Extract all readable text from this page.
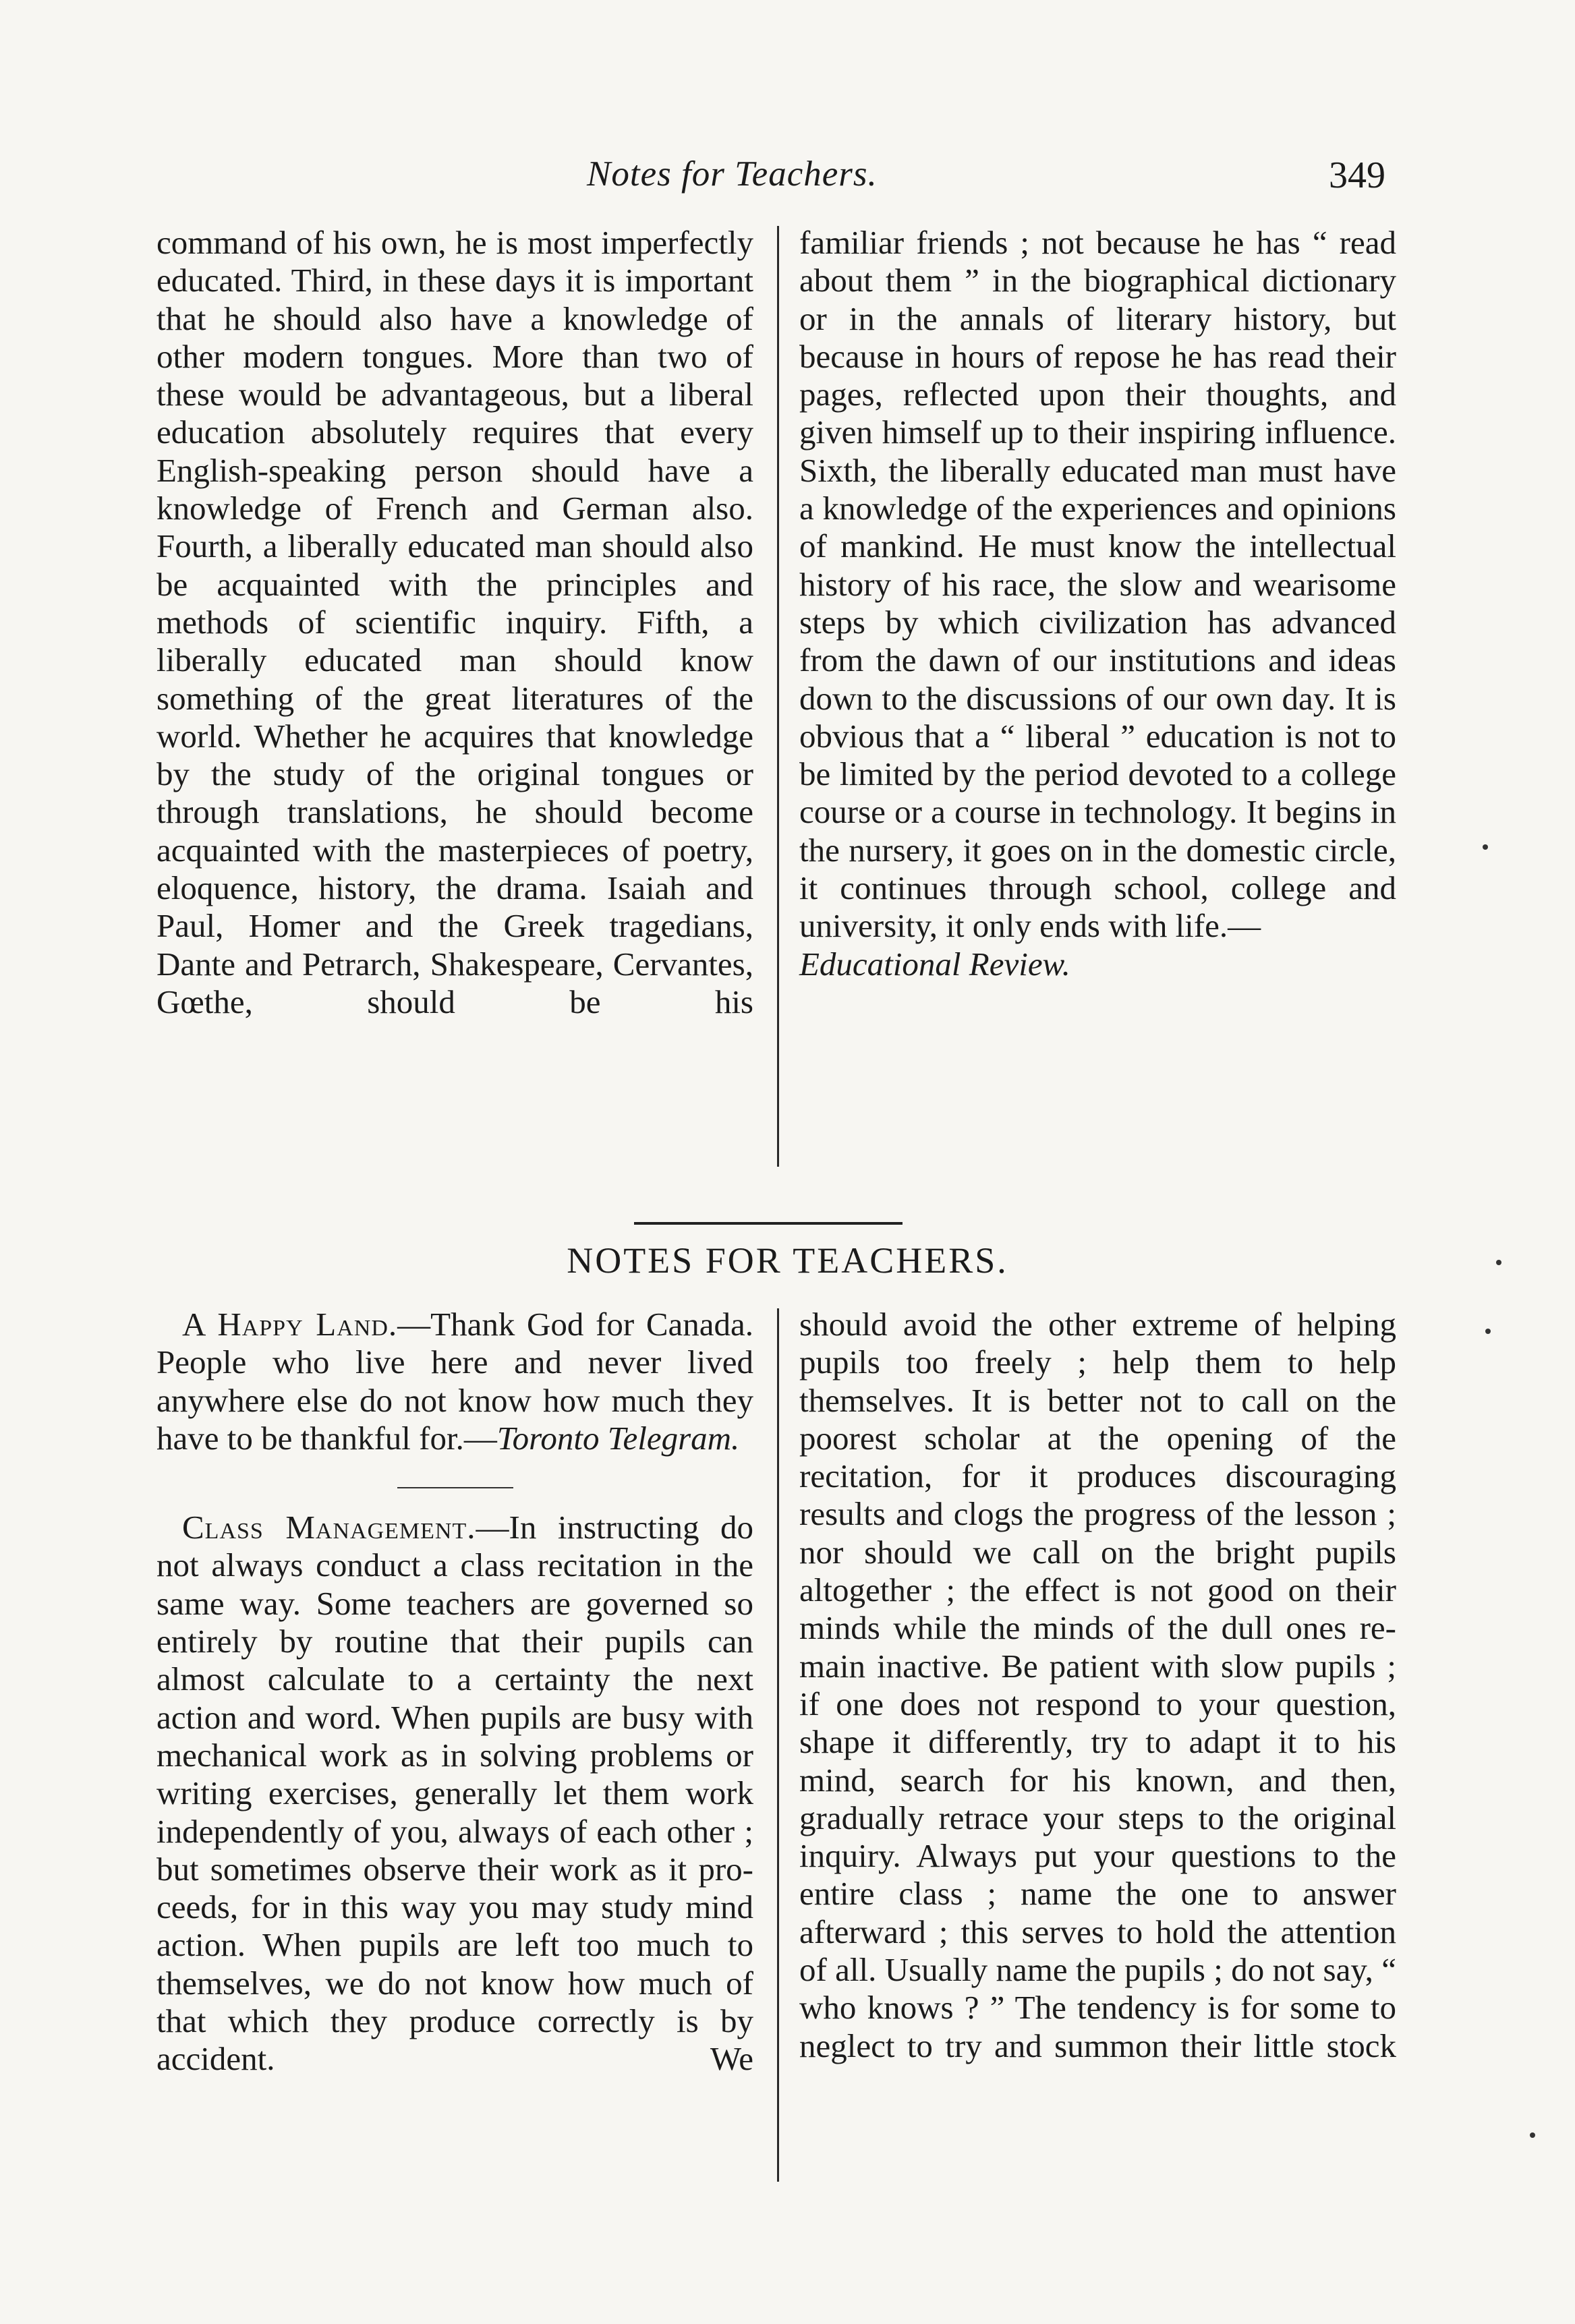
Notes for Teachers.	349

command of his own, he is most imperfectly educated. Third, in these days it is important that he should also have a knowledge of other modern tongues. More than two of these would be advantageous, but a liberal education absolutely requires that every English-speaking person should have a knowledge of French and German also. Fourth, a liberally educated man should also be acquainted with the principles and methods of scientific inquiry. Fifth, a liberally educated man should know something of the great literatures of the world. Whether he acquires that knowledge by the study of the original tongues or through translations, he should become acquainted with the masterpieces of poetry, eloquence, history, the drama. Isaiah and Paul, Homer and the Greek tragedians, Dante and Petrarch, Shakespeare, Cervantes, Gœthe, should be his

familiar friends ; not because he has “ read about them ” in the biographical dictionary or in the annals of literary history, but because in hours of repose he has read their pages, reflected upon their thoughts, and given himself up to their inspiring influence. Sixth, the liberally educated man must have a knowledge of the experiences and opinions of mankind. He must know the intellectual history of his race, the slow and wearisome steps by which civilization has advanced from the dawn of our institutions and ideas down to the discussions of our own day. It is obvious that a “ liberal ” education is not to be limited by the period devoted to a college course or a course in technology. It begins in the nursery, it goes on in the domestic circle, it continues through school, college and university, it only ends with life.—
Educational Review.

NOTES FOR TEACHERS.

A Happy Land.—Thank God for Canada. People who live here and never lived anywhere else do not know how much they have to be thankful for.—Toronto Telegram.

Class Management.—In instructing do not always conduct a class recitation in the same way. Some teachers are governed so entirely by routine that their pupils can almost calculate to a certainty the next action and word. When pupils are busy with mechanical work as in solving problems or writing exercises, generally let them work independently of you, always of each other ; but sometimes observe their work as it proceeds, for in this way you may study mind action. When pupils are left too much to themselves, we do not know how much of that which they produce correctly is by accident. We

should avoid the other extreme of helping pupils too freely ; help them to help themselves. It is better not to call on the poorest scholar at the opening of the recitation, for it produces discouraging results and clogs the progress of the lesson ; nor should we call on the bright pupils altogether ; the effect is not good on their minds while the minds of the dull ones remain inactive. Be patient with slow pupils ; if one does not respond to your question, shape it differently, try to adapt it to his mind, search for his known, and then, gradually retrace your steps to the original inquiry. Always put your questions to the entire class ; name the one to answer afterward ; this serves to hold the attention of all. Usually name the pupils ; do not say, “ who knows ? ” The tendency is for some to neglect to try and summon their little stock
